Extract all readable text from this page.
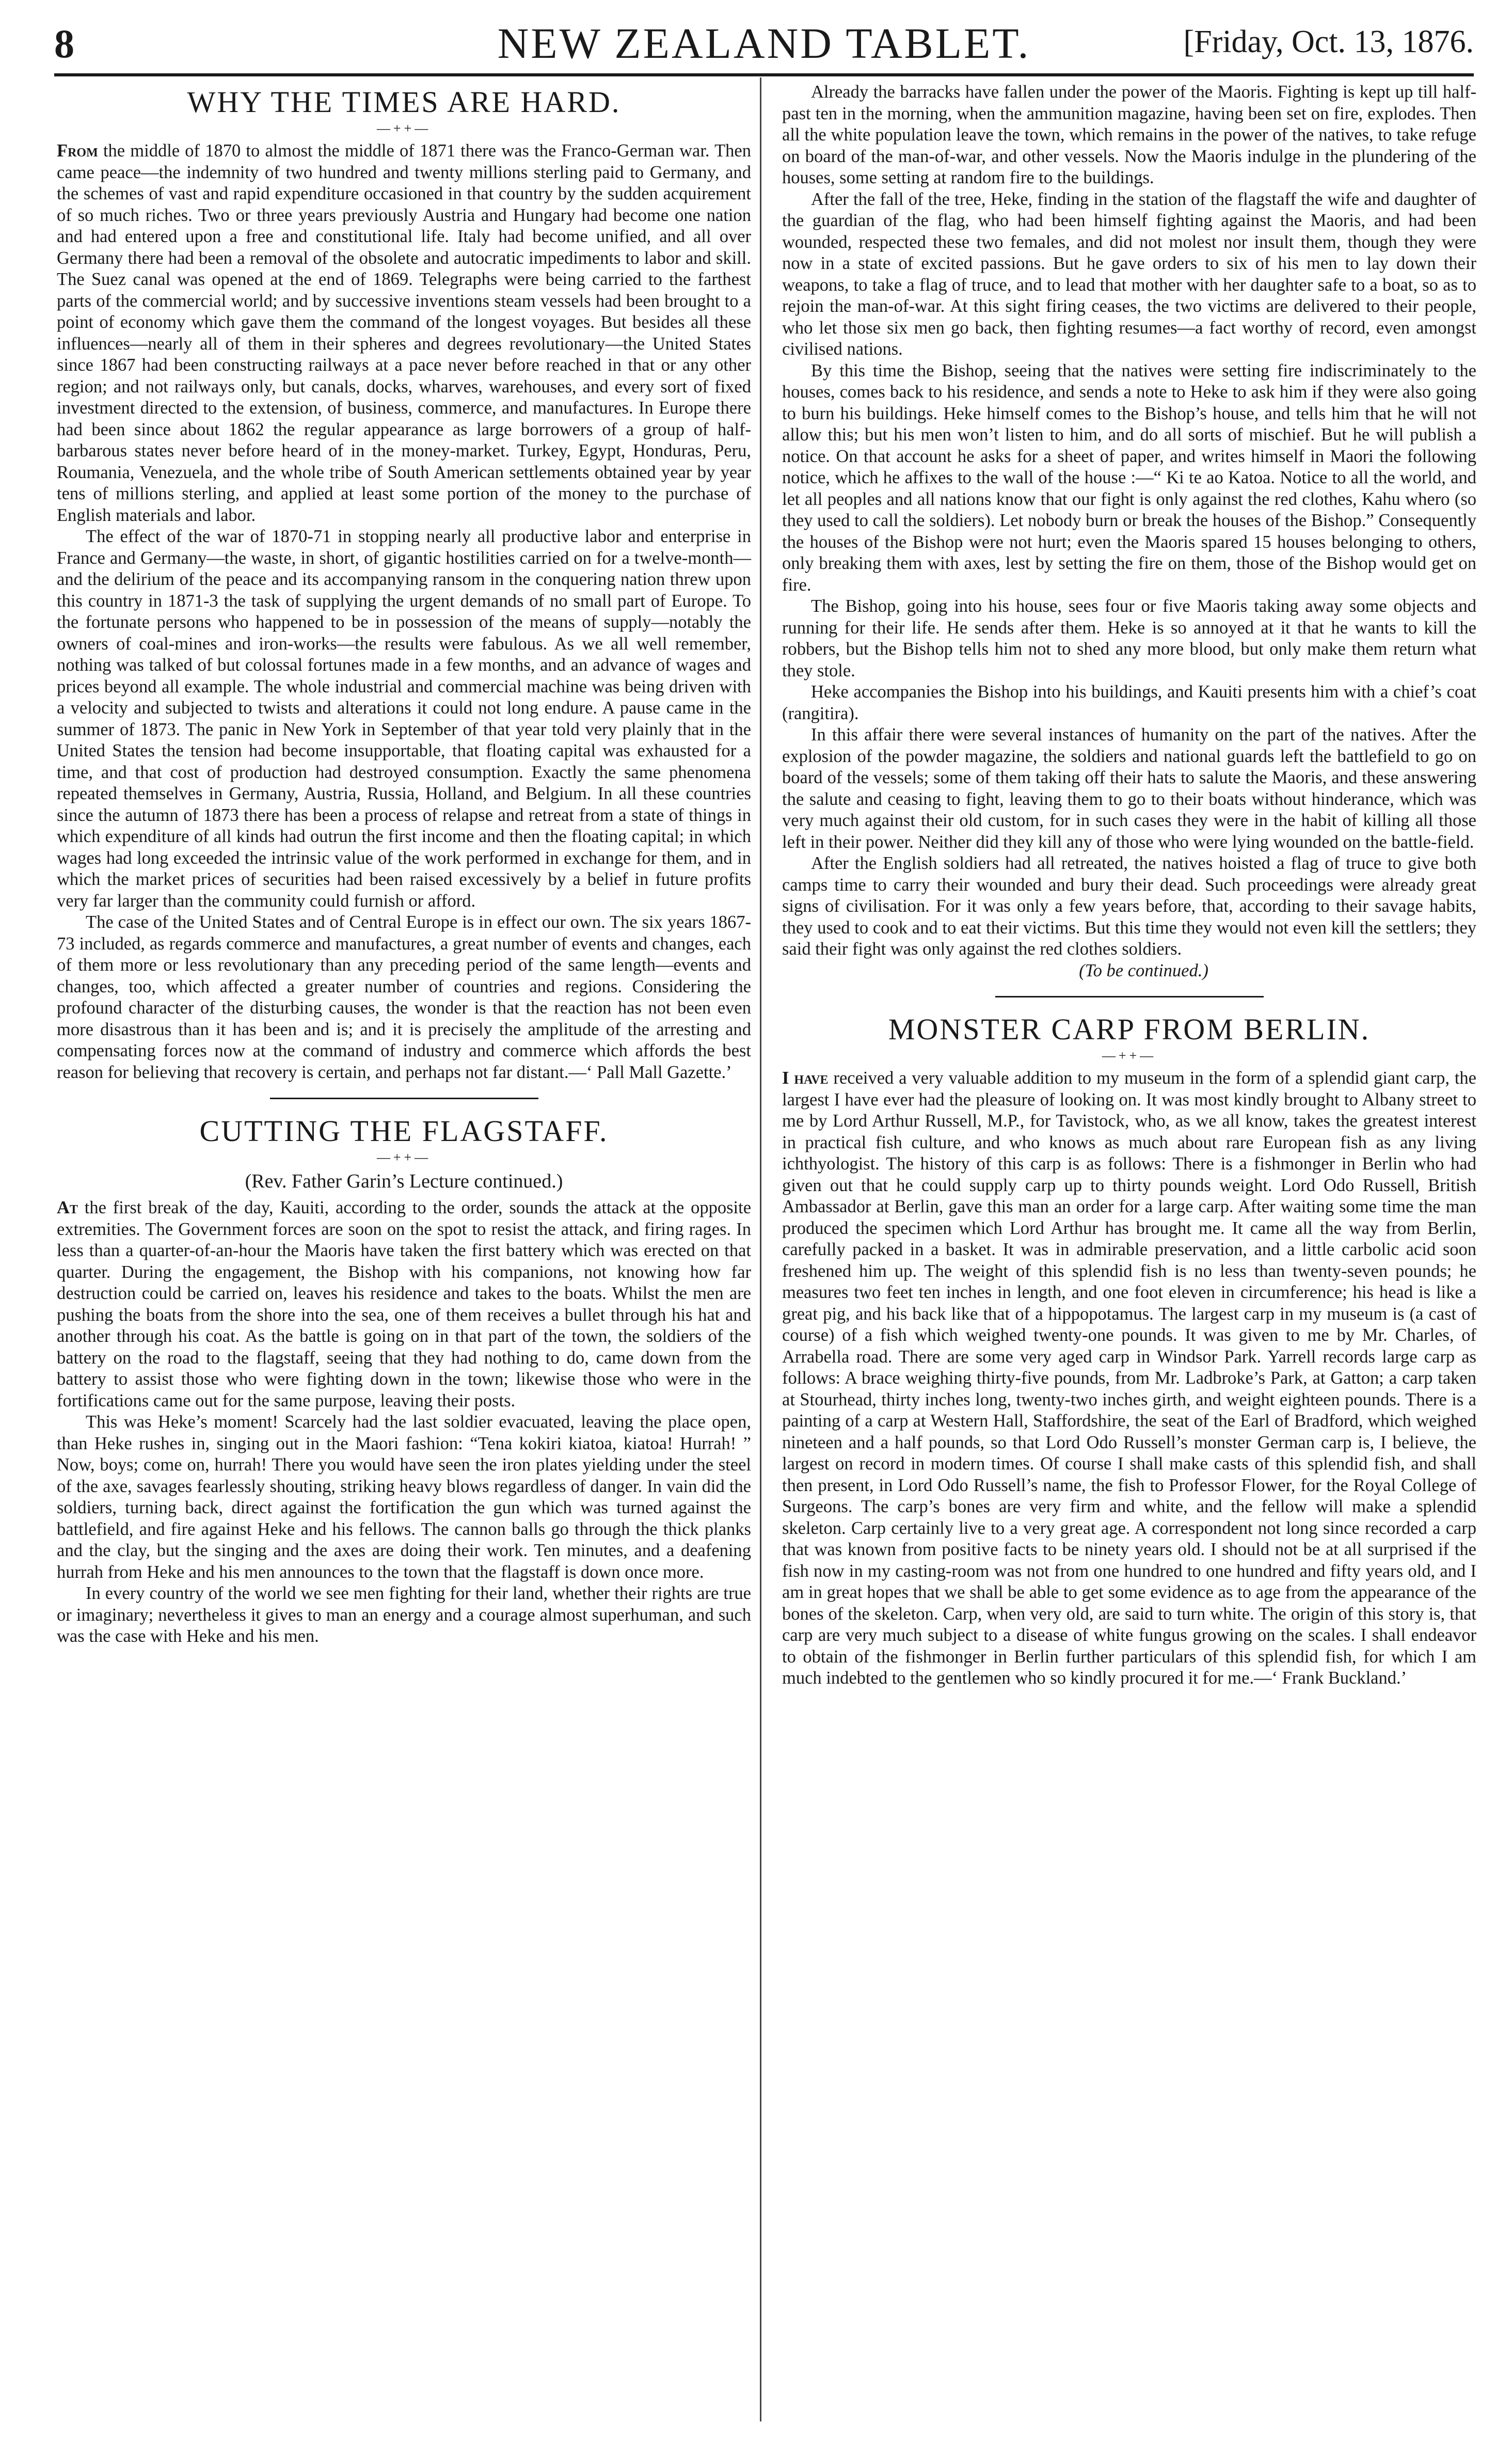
8	NEW ZEALAND TABLET.	[Friday, Oct. 13, 1876.
WHY THE TIMES ARE HARD.
—++—

From the middle of 1870 to almost the middle of 1871 there was the Franco-German war. Then came peace—the indemnity of two hundred and twenty millions sterling paid to Germany, and the schemes of vast and rapid expenditure occasioned in that country by the sudden acquirement of so much riches. Two or three years previously Austria and Hungary had become one nation and had entered upon a free and constitutional life. Italy had become unified, and all over Germany there had been a removal of the obsolete and autocratic impediments to labor and skill. The Suez canal was opened at the end of 1869. Telegraphs were being carried to the farthest parts of the commercial world; and by successive inventions steam vessels had been brought to a point of economy which gave them the command of the longest voyages. But besides all these influences—nearly all of them in their spheres and degrees revolutionary—the United States since 1867 had been constructing railways at a pace never before reached in that or any other region; and not railways only, but canals, docks, wharves, warehouses, and every sort of fixed investment directed to the extension, of business, commerce, and manufactures. In Europe there had been since about 1862 the regular appearance as large borrowers of a group of half-barbarous states never before heard of in the money-market. Turkey, Egypt, Honduras, Peru, Roumania, Venezuela, and the whole tribe of South American settlements obtained year by year tens of millions sterling, and applied at least some portion of the money to the purchase of English materials and labor.

The effect of the war of 1870-71 in stopping nearly all productive labor and enterprise in France and Germany—the waste, in short, of gigantic hostilities carried on for a twelve-month—and the delirium of the peace and its accompanying ransom in the conquering nation threw upon this country in 1871-3 the task of supplying the urgent demands of no small part of Europe. To the fortunate persons who happened to be in possession of the means of supply—notably the owners of coal-mines and iron-works—the results were fabulous. As we all well remember, nothing was talked of but colossal fortunes made in a few months, and an advance of wages and prices beyond all example. The whole industrial and commercial machine was being driven with a velocity and subjected to twists and alterations it could not long endure. A pause came in the summer of 1873. The panic in New York in September of that year told very plainly that in the United States the tension had become insupportable, that floating capital was exhausted for a time, and that cost of production had destroyed consumption. Exactly the same phenomena repeated themselves in Germany, Austria, Russia, Holland, and Belgium. In all these countries since the autumn of 1873 there has been a process of relapse and retreat from a state of things in which expenditure of all kinds had outrun the first income and then the floating capital; in which wages had long exceeded the intrinsic value of the work performed in exchange for them, and in which the market prices of securities had been raised excessively by a belief in future profits very far larger than the community could furnish or afford.

The case of the United States and of Central Europe is in effect our own. The six years 1867-73 included, as regards commerce and manufactures, a great number of events and changes, each of them more or less revolutionary than any preceding period of the same length—events and changes, too, which affected a greater number of countries and regions. Considering the profound character of the disturbing causes, the wonder is that the reaction has not been even more disastrous than it has been and is; and it is precisely the amplitude of the arresting and compensating forces now at the command of industry and commerce which affords the best reason for believing that recovery is certain, and perhaps not far distant.—‘ Pall Mall Gazette.’

CUTTING THE FLAGSTAFF.
—++—
(Rev. Father Garin’s Lecture continued.)

At the first break of the day, Kauiti, according to the order, sounds the attack at the opposite extremities. The Government forces are soon on the spot to resist the attack, and firing rages. In less than a quarter-of-an-hour the Maoris have taken the first battery which was erected on that quarter. During the engagement, the Bishop with his companions, not knowing how far destruction could be carried on, leaves his residence and takes to the boats. Whilst the men are pushing the boats from the shore into the sea, one of them receives a bullet through his hat and another through his coat. As the battle is going on in that part of the town, the soldiers of the battery on the road to the flagstaff, seeing that they had nothing to do, came down from the battery to assist those who were fighting down in the town; likewise those who were in the fortifications came out for the same purpose, leaving their posts.

This was Heke’s moment! Scarcely had the last soldier evacuated, leaving the place open, than Heke rushes in, singing out in the Maori fashion: “Tena kokiri kiatoa, kiatoa! Hurrah! ” Now, boys; come on, hurrah! There you would have seen the iron plates yielding under the steel of the axe, savages fearlessly shouting, striking heavy blows regardless of danger. In vain did the soldiers, turning back, direct against the fortification the gun which was turned against the battlefield, and fire against Heke and his fellows. The cannon balls go through the thick planks and the clay, but the singing and the axes are doing their work. Ten minutes, and a deafening hurrah from Heke and his men announces to the town that the flagstaff is down once more.

In every country of the world we see men fighting for their land, whether their rights are true or imaginary; nevertheless it gives to man an energy and a courage almost superhuman, and such was the case with Heke and his men.

Already the barracks have fallen under the power of the Maoris. Fighting is kept up till half-past ten in the morning, when the ammunition magazine, having been set on fire, explodes. Then all the white population leave the town, which remains in the power of the natives, to take refuge on board of the man-of-war, and other vessels. Now the Maoris indulge in the plundering of the houses, some setting at random fire to the buildings.

After the fall of the tree, Heke, finding in the station of the flagstaff the wife and daughter of the guardian of the flag, who had been himself fighting against the Maoris, and had been wounded, respected these two females, and did not molest nor insult them, though they were now in a state of excited passions. But he gave orders to six of his men to lay down their weapons, to take a flag of truce, and to lead that mother with her daughter safe to a boat, so as to rejoin the man-of-war. At this sight firing ceases, the two victims are delivered to their people, who let those six men go back, then fighting resumes—a fact worthy of record, even amongst civilised nations.

By this time the Bishop, seeing that the natives were setting fire indiscriminately to the houses, comes back to his residence, and sends a note to Heke to ask him if they were also going to burn his buildings. Heke himself comes to the Bishop’s house, and tells him that he will not allow this; but his men won’t listen to him, and do all sorts of mischief. But he will publish a notice. On that account he asks for a sheet of paper, and writes himself in Maori the following notice, which he affixes to the wall of the house :—“ Ki te ao Katoa. Notice to all the world, and let all peoples and all nations know that our fight is only against the red clothes, Kahu whero (so they used to call the soldiers). Let nobody burn or break the houses of the Bishop.” Consequently the houses of the Bishop were not hurt; even the Maoris spared 15 houses belonging to others, only breaking them with axes, lest by setting the fire on them, those of the Bishop would get on fire.

The Bishop, going into his house, sees four or five Maoris taking away some objects and running for their life. He sends after them. Heke is so annoyed at it that he wants to kill the robbers, but the Bishop tells him not to shed any more blood, but only make them return what they stole.

Heke accompanies the Bishop into his buildings, and Kauiti presents him with a chief’s coat (rangitira).

In this affair there were several instances of humanity on the part of the natives. After the explosion of the powder magazine, the soldiers and national guards left the battlefield to go on board of the vessels; some of them taking off their hats to salute the Maoris, and these answering the salute and ceasing to fight, leaving them to go to their boats without hinderance, which was very much against their old custom, for in such cases they were in the habit of killing all those left in their power. Neither did they kill any of those who were lying wounded on the battle-field.

After the English soldiers had all retreated, the natives hoisted a flag of truce to give both camps time to carry their wounded and bury their dead. Such proceedings were already great signs of civilisation. For it was only a few years before, that, according to their savage habits, they used to cook and to eat their victims. But this time they would not even kill the settlers; they said their fight was only against the red clothes soldiers.

(To be continued.)

MONSTER CARP FROM BERLIN.
—++—

I have received a very valuable addition to my museum in the form of a splendid giant carp, the largest I have ever had the pleasure of looking on. It was most kindly brought to Albany street to me by Lord Arthur Russell, M.P., for Tavistock, who, as we all know, takes the greatest interest in practical fish culture, and who knows as much about rare European fish as any living ichthyologist. The history of this carp is as follows: There is a fishmonger in Berlin who had given out that he could supply carp up to thirty pounds weight. Lord Odo Russell, British Ambassador at Berlin, gave this man an order for a large carp. After waiting some time the man produced the specimen which Lord Arthur has brought me. It came all the way from Berlin, carefully packed in a basket. It was in admirable preservation, and a little carbolic acid soon freshened him up. The weight of this splendid fish is no less than twenty-seven pounds; he measures two feet ten inches in length, and one foot eleven in circumference; his head is like a great pig, and his back like that of a hippopotamus. The largest carp in my museum is (a cast of course) of a fish which weighed twenty-one pounds. It was given to me by Mr. Charles, of Arrabella road. There are some very aged carp in Windsor Park. Yarrell records large carp as follows: A brace weighing thirty-five pounds, from Mr. Ladbroke’s Park, at Gatton; a carp taken at Stourhead, thirty inches long, twenty-two inches girth, and weight eighteen pounds. There is a painting of a carp at Western Hall, Staffordshire, the seat of the Earl of Bradford, which weighed nineteen and a half pounds, so that Lord Odo Russell’s monster German carp is, I believe, the largest on record in modern times. Of course I shall make casts of this splendid fish, and shall then present, in Lord Odo Russell’s name, the fish to Professor Flower, for the Royal College of Surgeons. The carp’s bones are very firm and white, and the fellow will make a splendid skeleton. Carp certainly live to a very great age. A correspondent not long since recorded a carp that was known from positive facts to be ninety years old. I should not be at all surprised if the fish now in my casting-room was not from one hundred to one hundred and fifty years old, and I am in great hopes that we shall be able to get some evidence as to age from the appearance of the bones of the skeleton. Carp, when very old, are said to turn white. The origin of this story is, that carp are very much subject to a disease of white fungus growing on the scales. I shall endeavor to obtain of the fishmonger in Berlin further particulars of this splendid fish, for which I am much indebted to the gentlemen who so kindly procured it for me.—‘ Frank Buckland.’
